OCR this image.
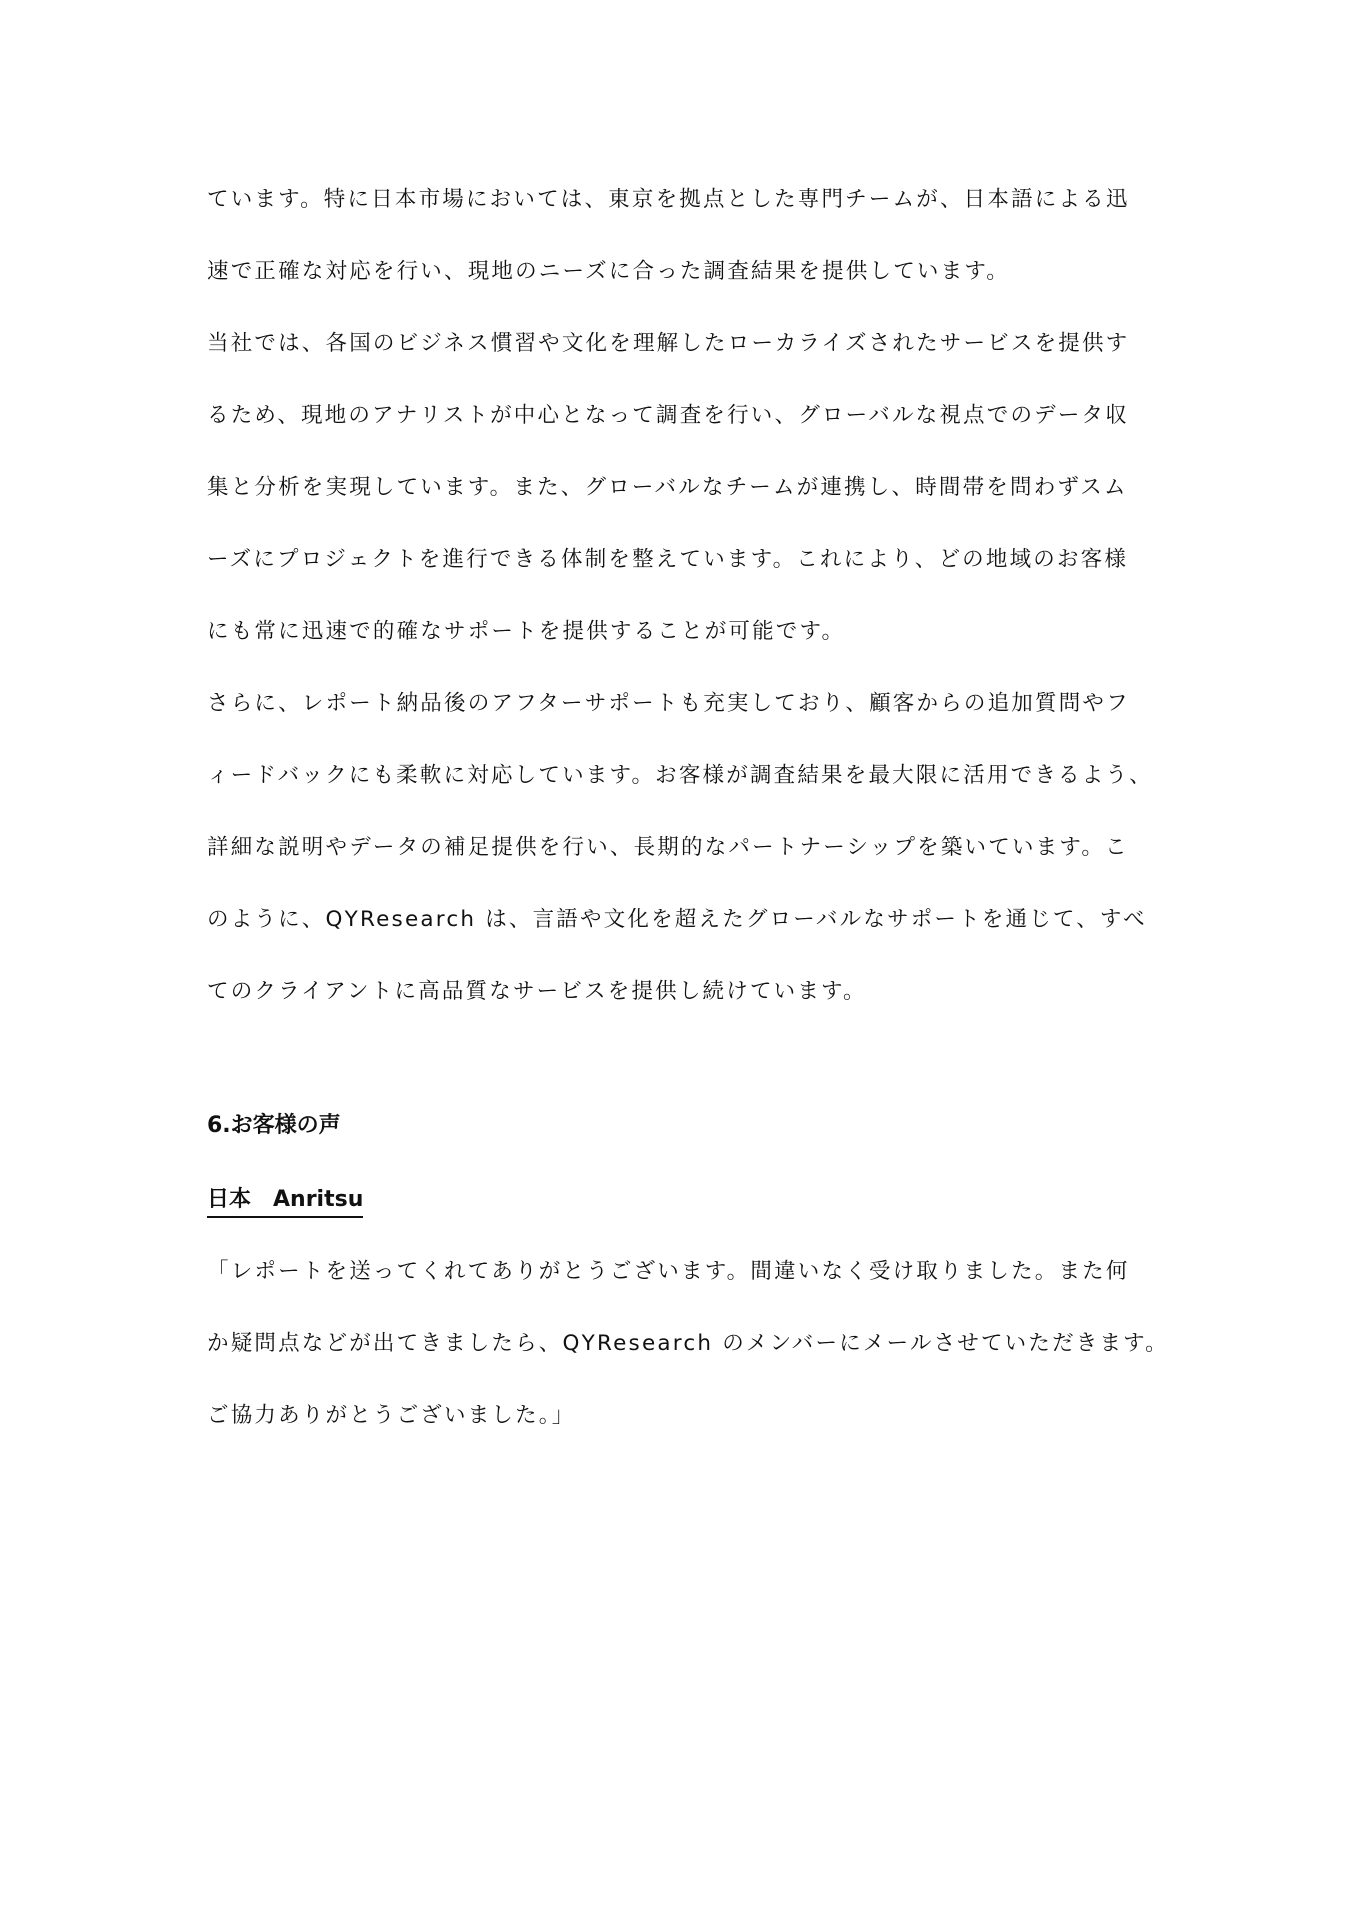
ています。特に日本市場においては、東京を拠点とした専門チームが、日本語による迅
速で正確な対応を行い、現地のニーズに合った調査結果を提供しています。
当社では、各国のビジネス慣習や文化を理解したローカライズされたサービスを提供す
るため、現地のアナリストが中心となって調査を行い、グローバルな視点でのデータ収
集と分析を実現しています。また、グローバルなチームが連携し、時間帯を問わずスム
ーズにプロジェクトを進行できる体制を整えています。これにより、どの地域のお客様
にも常に迅速で的確なサポートを提供することが可能です。
さらに、レポート納品後のアフターサポートも充実しており、顧客からの追加質問やフ
ィードバックにも柔軟に対応しています。お客様が調査結果を最大限に活用できるよう、
詳細な説明やデータの補足提供を行い、長期的なパートナーシップを築いています。こ
のように、QYResearch は、言語や文化を超えたグローバルなサポートを通じて、すべ
てのクライアントに高品質なサービスを提供し続けています。
6.お客様の声
日本　Anritsu
「レポートを送ってくれてありがとうございます。間違いなく受け取りました。また何
か疑問点などが出てきましたら、QYResearch のメンバーにメールさせていただきます。
ご協力ありがとうございました。」
